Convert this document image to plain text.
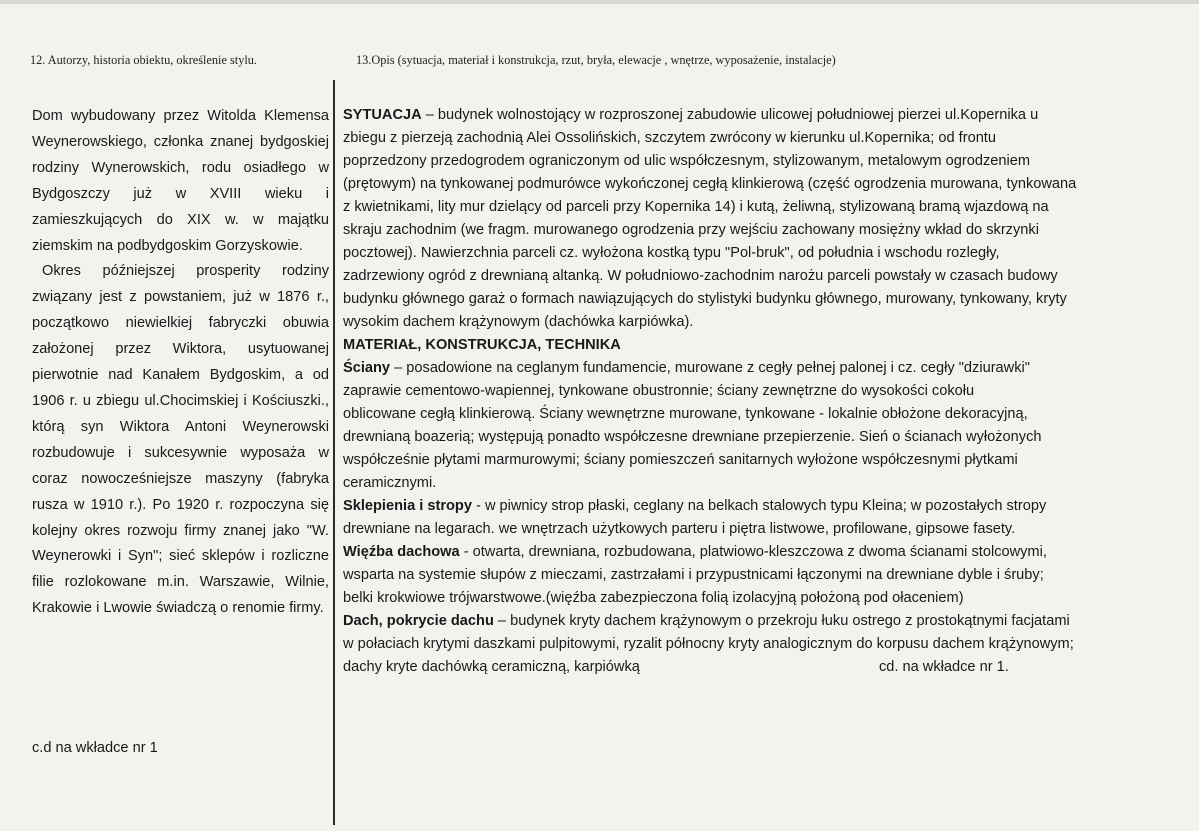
12. Autorzy, historia obiektu, określenie stylu.	13.Opis (sytuacja, materiał i konstrukcja, rzut, bryła, elewacje , wnętrze, wyposażenie, instalacje)

Dom wybudowany przez Witolda Klemensa Weynerowskiego, członka znanej bydgoskiej rodziny Wynerowskich, rodu osiadłego w Bydgoszczy już w XVIII wieku i zamieszkujących do XIX w. w majątku ziemskim na podbydgoskim Gorzyskowie.

Okres późniejszej prosperity rodziny związany jest z powstaniem, już w 1876 r., początkowo niewielkiej fabryczki obuwia założonej przez Wiktora, usytuowanej pierwotnie nad Kanałem Bydgoskim, a od 1906 r. u zbiegu ul.Chocimskiej i Kościuszki., którą syn Wiktora Antoni Weynerowski rozbudowuje i sukcesywnie wyposaża w coraz nowocześniejsze maszyny (fabryka rusza w 1910 r.). Po 1920 r. rozpoczyna się kolejny okres rozwoju firmy znanej jako "W. Weynerowki i Syn"; sieć sklepów i rozliczne filie rozlokowane m.in. Warszawie, Wilnie, Krakowie i Lwowie świadczą o renomie firmy.

c.d na wkładce nr 1
SYTUACJA – budynek wolnostojący w rozproszonej zabudowie ulicowej południowej pierzei ul.Kopernika u
zbiegu z pierzeją zachodnią Alei Ossolińskich, szczytem zwrócony w kierunku ul.Kopernika; od frontu
poprzedzony przedogrodem ograniczonym od ulic współczesnym, stylizowanym, metalowym ogrodzeniem
(prętowym) na tynkowanej podmurówce wykończonej cegłą klinkierową (część ogrodzenia murowana, tynkowana
z kwietnikami, lity mur dzielący od parceli przy Kopernika 14) i kutą, żeliwną, stylizowaną bramą wjazdową na
skraju zachodnim (we fragm. murowanego ogrodzenia przy wejściu zachowany mosiężny wkład do skrzynki
pocztowej). Nawierzchnia parceli cz. wyłożona kostką typu "Pol-bruk", od południa i wschodu rozległy,
zadrzewiony ogród z drewnianą altanką. W południowo-zachodnim narożu parceli powstały w czasach budowy
budynku głównego garaż o formach nawiązujących do stylistyki budynku głównego, murowany, tynkowany, kryty
wysokim dachem krążynowym (dachówka karpiówka).
MATERIAŁ, KONSTRUKCJA, TECHNIKA
Ściany – posadowione na ceglanym fundamencie, murowane z cegły pełnej palonej i cz. cegły "dziurawki"
zaprawie cementowo-wapiennej, tynkowane obustronnie; ściany zewnętrzne do wysokości cokołu
oblicowane cegłą klinkierową. Ściany wewnętrzne murowane, tynkowane - lokalnie obłożone dekoracyjną,
drewnianą boazerią; występują ponadto współczesne drewniane przepierzenie. Sień o ścianach wyłożonych
współcześnie płytami marmurowymi; ściany pomieszczeń sanitarnych wyłożone współczesnymi płytkami
ceramicznymi.
Sklepienia i stropy - w piwnicy strop płaski, ceglany na belkach stalowych typu Kleina; w pozostałych stropy
drewniane na legarach. we wnętrzach użytkowych parteru i piętra listwowe, profilowane, gipsowe fasety.
Więźba dachowa - otwarta, drewniana, rozbudowana, platwiowo-kleszczowa z dwoma ścianami stolcowymi,
wsparta na systemie słupów z mieczami, zastrzałami i przypustnicami łączonymi na drewniane dyble i śruby;
belki krokwiowe trójwarstwowe.(więźba zabezpieczona folią izolacyjną położoną pod ołaceniem)
Dach, pokrycie dachu – budynek kryty dachem krążynowym o przekroju łuku ostrego z prostokątnymi facjatami
w połaciach krytymi daszkami pulpitowymi, ryzalit północny kryty analogicznym do korpusu dachem krążynowym;
dachy kryte dachówką ceramiczną, karpiówką	cd. na wkładce nr 1.
